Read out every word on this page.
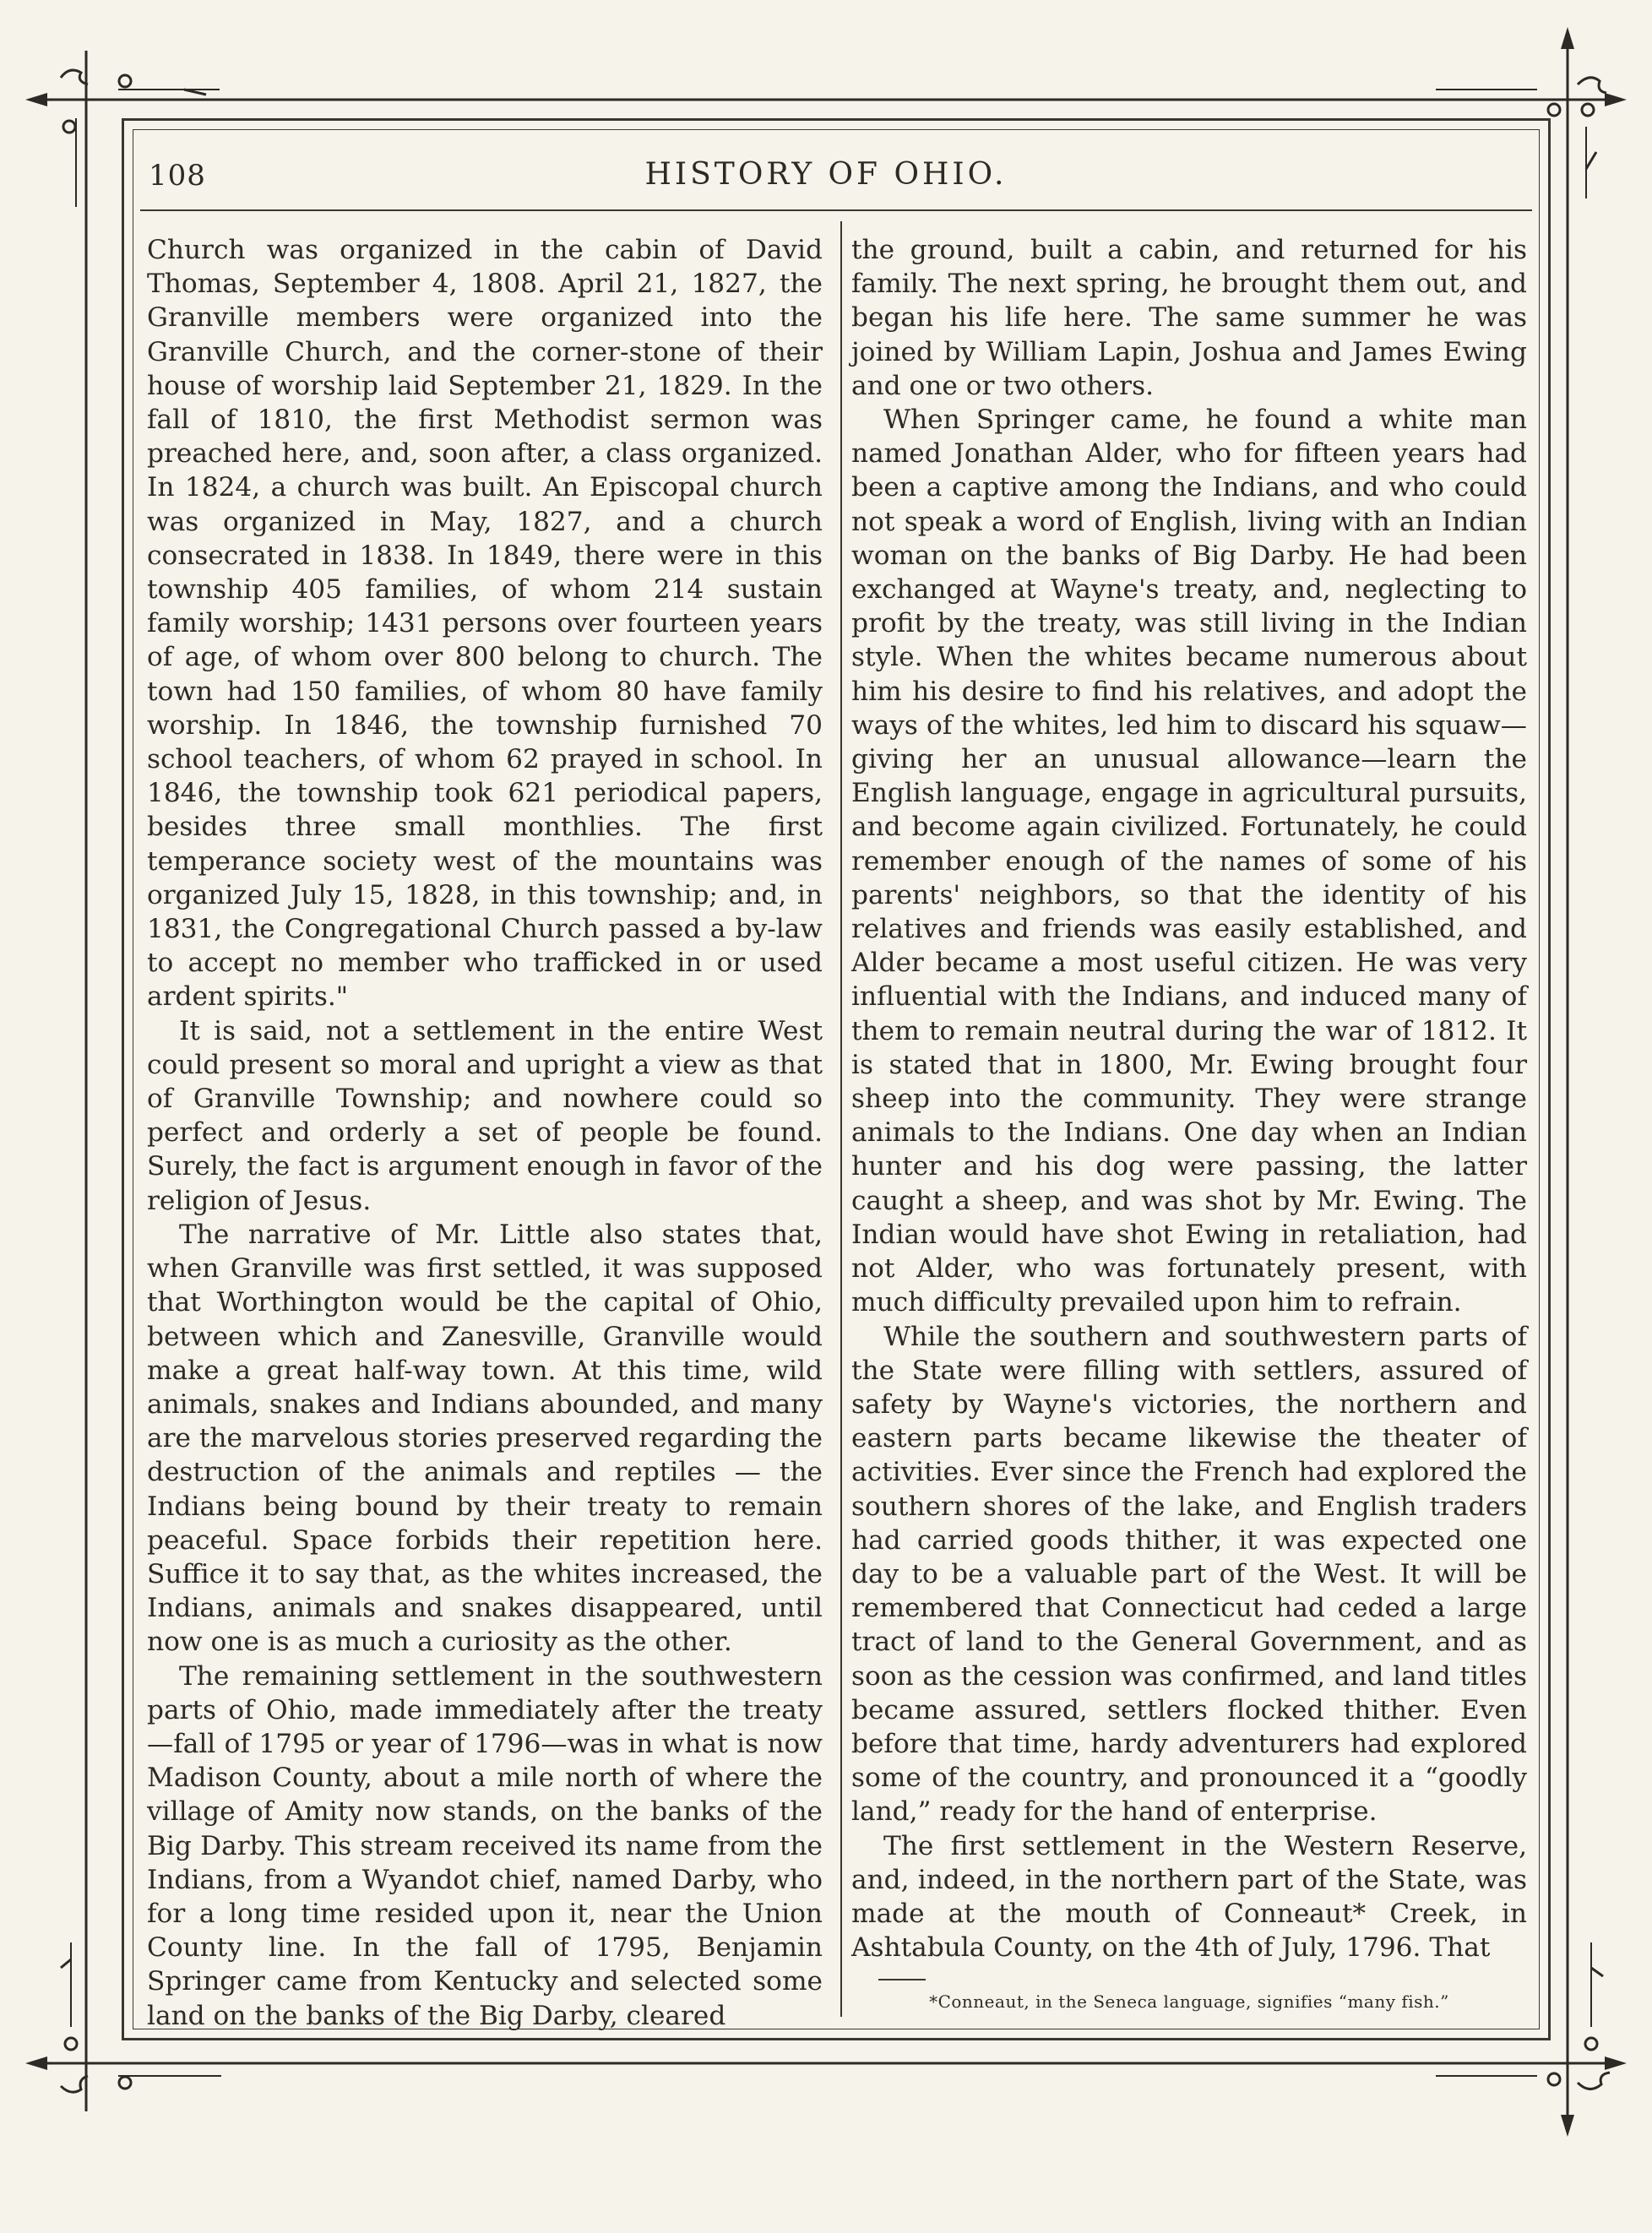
108	HISTORY OF OHIO.

Church was organized in the cabin of David Thomas, September 4, 1808. April 21, 1827, the Granville members were organized into the Granville Church, and the corner-stone of their house of worship laid September 21, 1829. In the fall of 1810, the first Methodist sermon was preached here, and, soon after, a class organized. In 1824, a church was built. An Episcopal church was organized in May, 1827, and a church consecrated in 1838. In 1849, there were in this township 405 families, of whom 214 sustain family worship; 1431 persons over fourteen years of age, of whom over 800 belong to church. The town had 150 families, of whom 80 have family worship. In 1846, the township furnished 70 school teachers, of whom 62 prayed in school. In 1846, the township took 621 periodical papers, besides three small monthlies. The first temperance society west of the mountains was organized July 15, 1828, in this township; and, in 1831, the Congregational Church passed a by-law to accept no member who trafficked in or used ardent spirits."

It is said, not a settlement in the entire West could present so moral and upright a view as that of Granville Township; and nowhere could so perfect and orderly a set of people be found. Surely, the fact is argument enough in favor of the religion of Jesus.

The narrative of Mr. Little also states that, when Granville was first settled, it was supposed that Worthington would be the capital of Ohio, between which and Zanesville, Granville would make a great half-way town. At this time, wild animals, snakes and Indians abounded, and many are the marvelous stories preserved regarding the destruction of the animals and reptiles — the Indians being bound by their treaty to remain peaceful. Space forbids their repetition here. Suffice it to say that, as the whites increased, the Indians, animals and snakes disappeared, until now one is as much a curiosity as the other.

The remaining settlement in the southwestern parts of Ohio, made immediately after the treaty—fall of 1795 or year of 1796—was in what is now Madison County, about a mile north of where the village of Amity now stands, on the banks of the Big Darby. This stream received its name from the Indians, from a Wyandot chief, named Darby, who for a long time resided upon it, near the Union County line. In the fall of 1795, Benjamin Springer came from Kentucky and selected some land on the banks of the Big Darby, cleared

the ground, built a cabin, and returned for his family. The next spring, he brought them out, and began his life here. The same summer he was joined by William Lapin, Joshua and James Ewing and one or two others.

When Springer came, he found a white man named Jonathan Alder, who for fifteen years had been a captive among the Indians, and who could not speak a word of English, living with an Indian woman on the banks of Big Darby. He had been exchanged at Wayne's treaty, and, neglecting to profit by the treaty, was still living in the Indian style. When the whites became numerous about him his desire to find his relatives, and adopt the ways of the whites, led him to discard his squaw—giving her an unusual allowance—learn the English language, engage in agricultural pursuits, and become again civilized. Fortunately, he could remember enough of the names of some of his parents' neighbors, so that the identity of his relatives and friends was easily established, and Alder became a most useful citizen. He was very influential with the Indians, and induced many of them to remain neutral during the war of 1812. It is stated that in 1800, Mr. Ewing brought four sheep into the community. They were strange animals to the Indians. One day when an Indian hunter and his dog were passing, the latter caught a sheep, and was shot by Mr. Ewing. The Indian would have shot Ewing in retaliation, had not Alder, who was fortunately present, with much difficulty prevailed upon him to refrain.

While the southern and southwestern parts of the State were filling with settlers, assured of safety by Wayne's victories, the northern and eastern parts became likewise the theater of activities. Ever since the French had explored the southern shores of the lake, and English traders had carried goods thither, it was expected one day to be a valuable part of the West. It will be remembered that Connecticut had ceded a large tract of land to the General Government, and as soon as the cession was confirmed, and land titles became assured, settlers flocked thither. Even before that time, hardy adventurers had explored some of the country, and pronounced it a “goodly land,” ready for the hand of enterprise.

The first settlement in the Western Reserve, and, indeed, in the northern part of the State, was made at the mouth of Conneaut* Creek, in Ashtabula County, on the 4th of July, 1796. That

*Conneaut, in the Seneca language, signifies “many fish.”
